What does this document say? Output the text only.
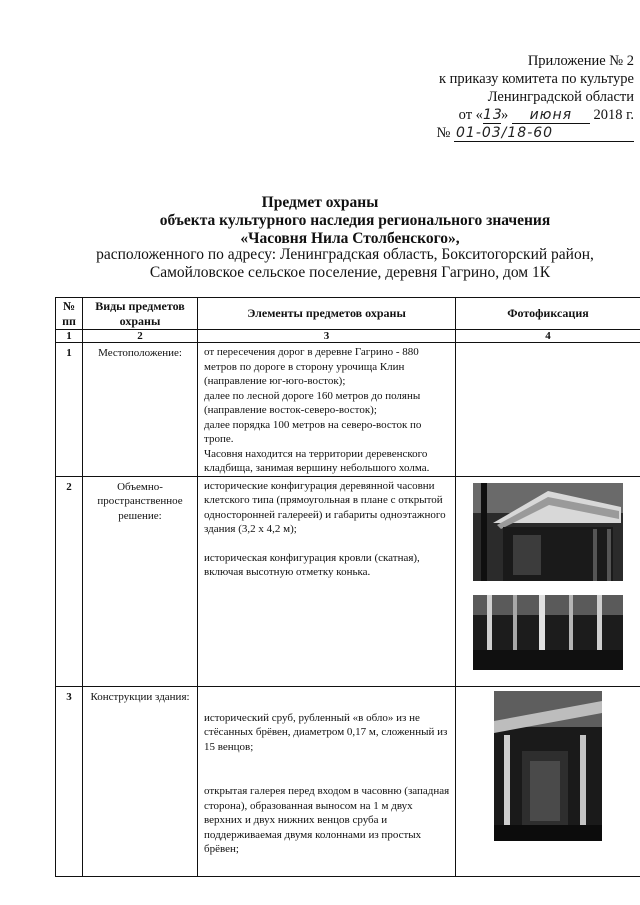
Приложение № 2
к приказу комитета по культуре
Ленинградской области
от «13» июня 2018 г.
№ 01-03/18-60
Предмет охраны
объекта культурного наследия регионального значения
«Часовня Нила Столбенского»,
расположенного по адресу: Ленинградская область, Бокситогорский район,
Самойловское сельское поселение, деревня Гагрино, дом 1К
№ пп	Виды предметов охраны	Элементы предметов охраны	Фотофиксация
1	2	3	4
1	Местоположение:	от пересечения дорог в деревне Гагрино - 880 метров по дороге в сторону урочища Клин (направление юг-юго-восток);
далее по лесной дороге 160 метров до поляны (направление восток-северо-восток);
далее порядка 100 метров на северо-восток по тропе.
Часовня находится на территории деревенского кладбища, занимая вершину небольшого холма.	

2	Объемно-пространственное решение:	исторические конфигурация деревянной часовни клетского типа (прямоугольная в плане с открытой односторонней галереей) и габариты одноэтажного здания (3,2 х 4,2 м);
историческая конфигурация кровли (скатная), включая высотную отметку конька.

3	Конструкции здания:	исторический сруб, рубленный «в обло» из не стёсанных брёвен, диаметром 0,17 м, сложенный из 15 венцов;
открытая галерея перед входом в часовню (западная сторона), образованная выносом на 1 м двух верхних и двух нижних венцов сруба и поддерживаемая двумя колоннами из простых брёвен;
